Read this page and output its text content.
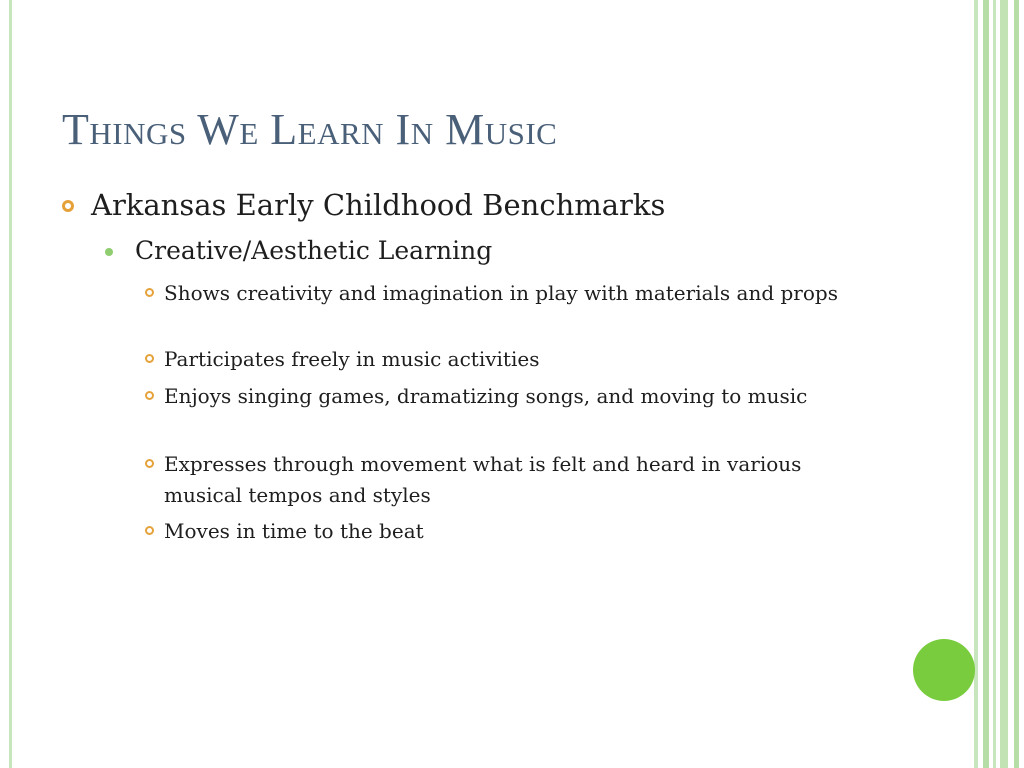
Things We Learn In Music
Arkansas Early Childhood Benchmarks
Creative/Aesthetic Learning
Shows creativity and imagination in play with materials and props
Participates freely in music activities
Enjoys singing games, dramatizing songs, and moving to music
Expresses through movement what is felt and heard in various musical tempos and styles
Moves in time to the beat
